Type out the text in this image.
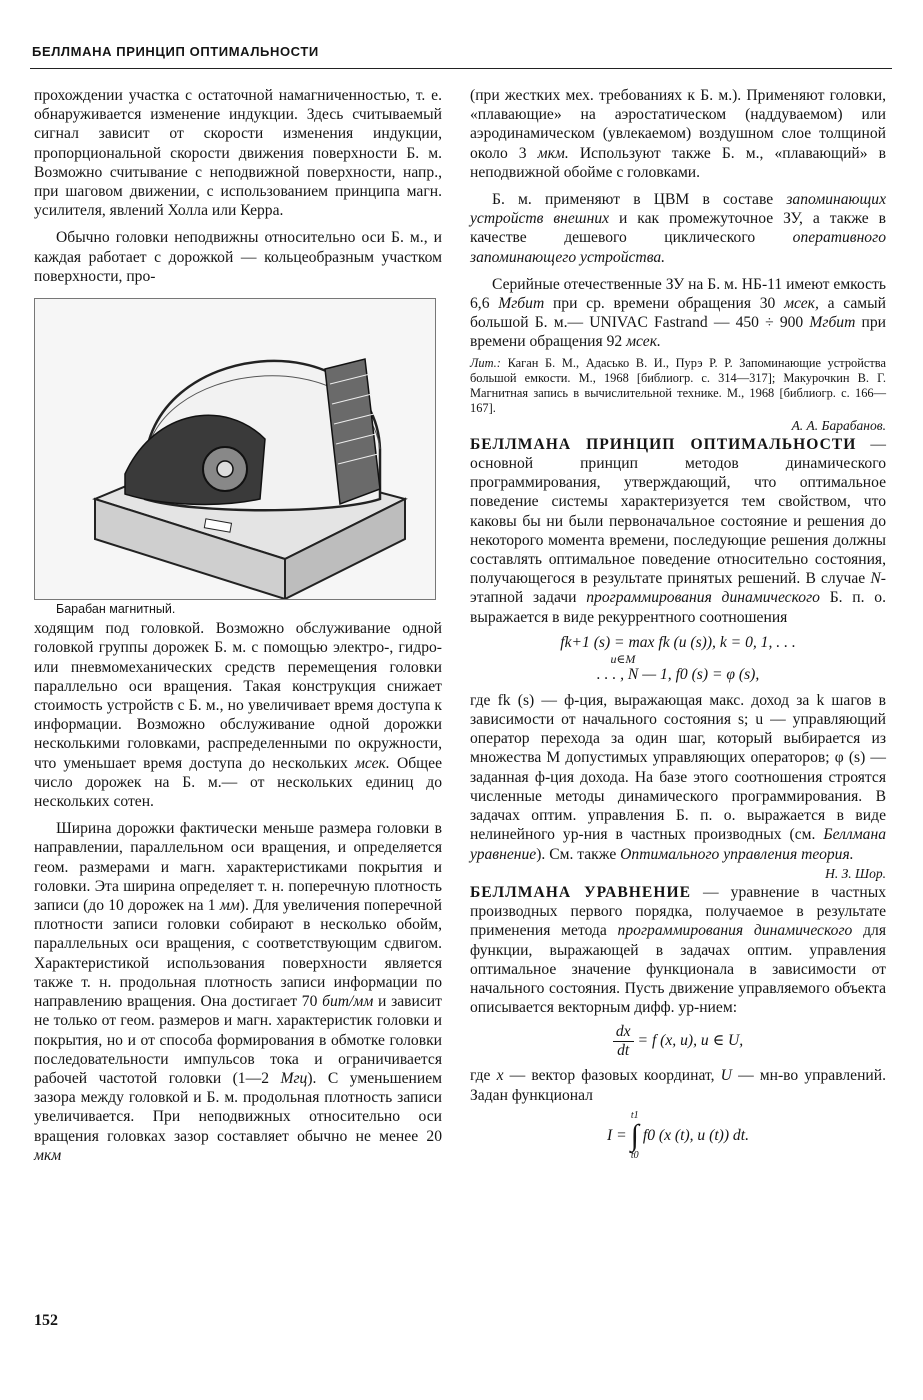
БЕЛЛМАНА ПРИНЦИП ОПТИМАЛЬНОСТИ

прохождении участка с остаточной намагниченностью, т. е. обнаруживается изменение индукции. Здесь считываемый сигнал зависит от скорости изменения индукции, пропорциональной скорости движения поверхности Б. м. Возможно считывание с неподвижной поверхности, напр., при шаговом движении, с использованием принципа магн. усилителя, явлений Холла или Керра.

Обычно головки неподвижны относительно оси Б. м., и каждая работает с дорожкой — кольцеобразным участком поверхности, про-

Барабан магнитный.

ходящим под головкой. Возможно обслуживание одной головкой группы дорожек Б. м. с помощью электро-, гидро- или пневмомеханических средств перемещения головки параллельно оси вращения. Такая конструкция снижает стоимость устройств с Б. м., но увеличивает время доступа к информации. Возможно обслуживание одной дорожки несколькими головками, распределенными по окружности, что уменьшает время доступа до нескольких мсек. Общее число дорожек на Б. м.— от нескольких единиц до нескольких сотен.

Ширина дорожки фактически меньше размера головки в направлении, параллельном оси вращения, и определяется геом. размерами и магн. характеристиками покрытия и головки. Эта ширина определяет т. н. поперечную плотность записи (до 10 дорожек на 1 мм). Для увеличения поперечной плотности записи головки собирают в несколько обойм, параллельных оси вращения, с соответствующим сдвигом. Характеристикой использования поверхности является также т. н. продольная плотность записи информации по направлению вращения. Она достигает 70 бит/мм и зависит не только от геом. размеров и магн. характеристик головки и покрытия, но и от способа формирования в обмотке головки последовательности импульсов тока и ограничивается рабочей частотой головки (1—2 Мгц). С уменьшением зазора между головкой и Б. м. продольная плотность записи увеличивается. При неподвижных относительно оси вращения головках зазор составляет обычно не менее 20 мкм

(при жестких мех. требованиях к Б. м.). Применяют головки, «плавающие» на аэростатическом (наддуваемом) или аэродинамическом (увлекаемом) воздушном слое толщиной около 3 мкм. Используют также Б. м., «плавающий» в неподвижной обойме с головками.

Б. м. применяют в ЦВМ в составе запоминающих устройств внешних и как промежуточное ЗУ, а также в качестве дешевого циклического оперативного запоминающего устройства.

Серийные отечественные ЗУ на Б. м. НБ-11 имеют емкость 6,6 Мгбит при ср. времени обращения 30 мсек, а самый большой Б. м.— UNIVAC Fastrand — 450 ÷ 900 Мгбит при времени обращения 92 мсек.

Лит.: Каган Б. М., Адасько В. И., Пурэ Р. Р. Запоминающие устройства большой емкости. М., 1968 [библиогр. с. 314—317]; Макурочкин В. Г. Магнитная запись в вычислительной технике. М., 1968 [библиогр. с. 166—167].

А. А. Барабанов.

БЕЛЛМАНА ПРИНЦИП ОПТИМАЛЬНОСТИ — основной принцип методов динамического программирования, утверждающий, что оптимальное поведение системы характеризуется тем свойством, что каковы бы ни были первоначальное состояние и решения до некоторого момента времени, последующие решения должны составлять оптимальное поведение относительно состояния, получающегося в результате принятых решений. В случае N-этапной задачи программирования динамического Б. п. о. выражается в виде рекуррентного соотношения

fk+1 (s) = max fk (u (s)), k = 0, 1, . . .
u∈M
. . . , N — 1, f0 (s) = φ (s),

где fk (s) — ф-ция, выражающая макс. доход за k шагов в зависимости от начального состояния s; u — управляющий оператор перехода за один шаг, который выбирается из множества M допустимых управляющих операторов; φ (s) — заданная ф-ция дохода. На базе этого соотношения строятся численные методы динамического программирования. В задачах оптим. управления Б. п. о. выражается в виде нелинейного ур-ния в частных производных (см. Беллмана уравнение). См. также Оптимального управления теория.

Н. З. Шор.

БЕЛЛМАНА УРАВНЕНИЕ — уравнение в частных производных первого порядка, получаемое в результате применения метода программирования динамического для функции, выражающей в задачах оптим. управления оптимальное значение функционала в зависимости от начального состояния. Пусть движение управляемого объекта описывается векторным дифф. ур-нием:

$\frac{dx}{dt} = f$ (x, u), u ∈ U,

где x — вектор фазовых координат, U — мн-во управлений. Задан функционал

I =
t1
∫
t0
f0 (x (t), u (t)) dt.
152
